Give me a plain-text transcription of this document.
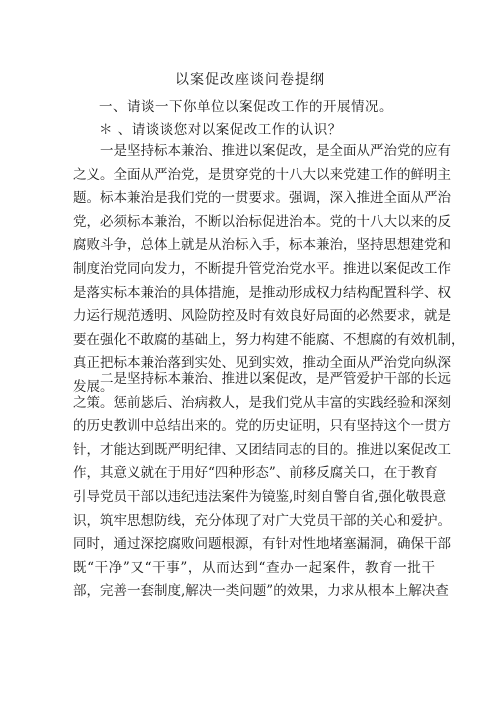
以案促改座谈问卷提纲
一、请谈一下你单位以案促改工作的开展情况。
＊ 、请谈谈您对以案促改工作的认识？
一是坚持标本兼治、推进以案促改，是全面从严治党的应有
之义。全面从严治党，是贯穿党的十八大以来党建工作的鲜明主
题。标本兼治是我们党的一贯要求。强调，深入推进全面从严治
党，必须标本兼治，不断以治标促进治本。党的十八大以来的反
腐败斗争，总体上就是从治标入手，标本兼治，坚持思想建党和
制度治党同向发力，不断提升管党治党水平。推进以案促改工作
是落实标本兼治的具体措施，是推动形成权力结构配置科学、权
力运行规范透明、风险防控及时有效良好局面的必然要求，就是
要在强化不敢腐的基础上，努力构建不能腐、不想腐的有效机制，
真正把标本兼治落到实处、见到实效，推动全面从严治党向纵深
发展。
二是坚持标本兼治、推进以案促改，是严管爱护干部的长远
之策。惩前毖后、治病救人，是我们党从丰富的实践经验和深刻
的历史教训中总结出来的。党的历史证明，只有坚持这个一贯方
针，才能达到既严明纪律、又团结同志的目的。推进以案促改工
作，其意义就在于用好“四种形态”、前移反腐关口，在于教育
引导党员干部以违纪违法案件为镜鉴,时刻自警自省,强化敬畏意
识，筑牢思想防线，充分体现了对广大党员干部的关心和爱护。
同时，通过深挖腐败问题根源，有针对性地堵塞漏洞，确保干部
既“干净”又“干事”，从而达到“查办一起案件，教育一批干
部，完善一套制度,解决一类问题”的效果，力求从根本上解决查
